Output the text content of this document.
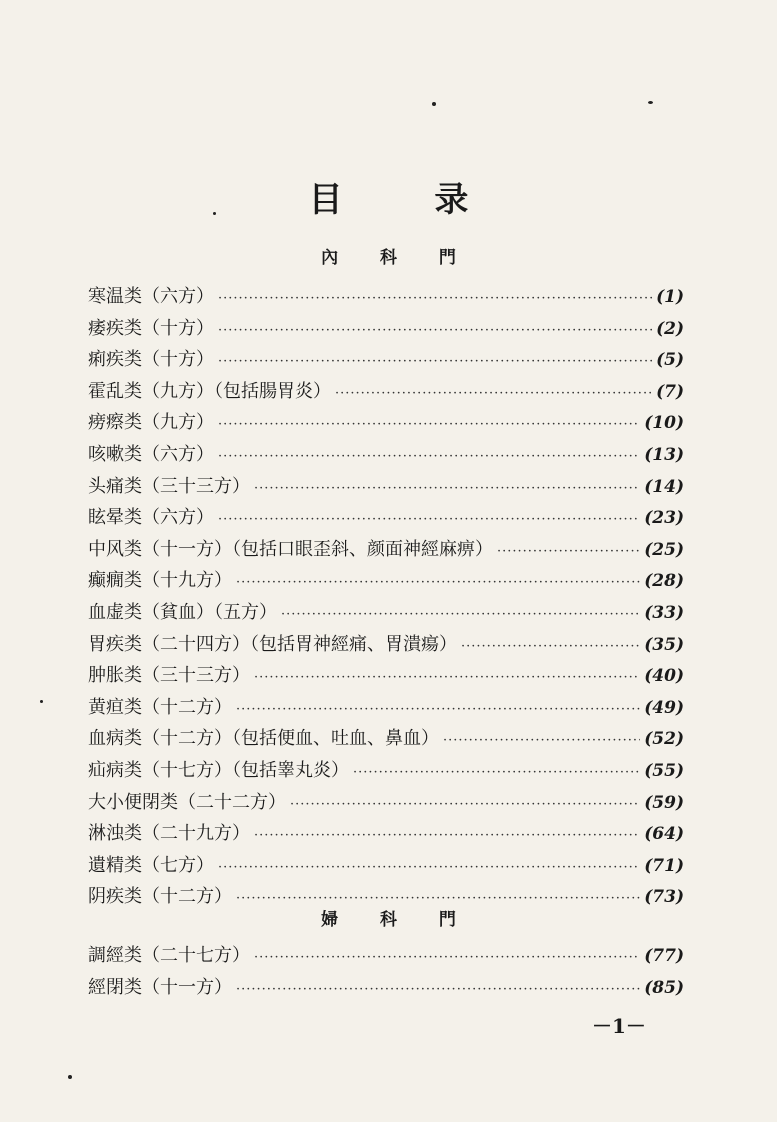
目 录
內 科 門
寒温类（六方） ·····	(1)
痿疾类（十方） ·····	(2)
痢疾类（十方） ·····	(5)
霍乱类（九方）（包括腸胃炎） ·····	(7)
痨瘵类（九方） ·····	(10)
咳嗽类（六方） ·····	(13)
头痛类（三十三方） ·····	(14)
眩晕类（六方） ·····	(23)
中风类（十一方）（包括口眼歪斜、颜面神經麻痹） ·····	(25)
癫癇类（十九方） ·····	(28)
血虚类（貧血）（五方） ·····	(33)
胃疾类（二十四方）（包括胃神經痛、胃潰瘍） ·····	(35)
肿胀类（三十三方） ·····	(40)
黄疸类（十二方） ·····	(49)
血病类（十二方）（包括便血、吐血、鼻血） ·····	(52)
疝病类（十七方）（包括睾丸炎） ·····	(55)
大小便閉类（二十二方） ·····	(59)
淋浊类（二十九方） ·····	(64)
遺精类（七方） ·····	(71)
阴疾类（十二方） ·····	(73)
婦 科 門
調經类（二十七方） ·····	(77)
經閉类（十一方） ·····	(85)
－1－
